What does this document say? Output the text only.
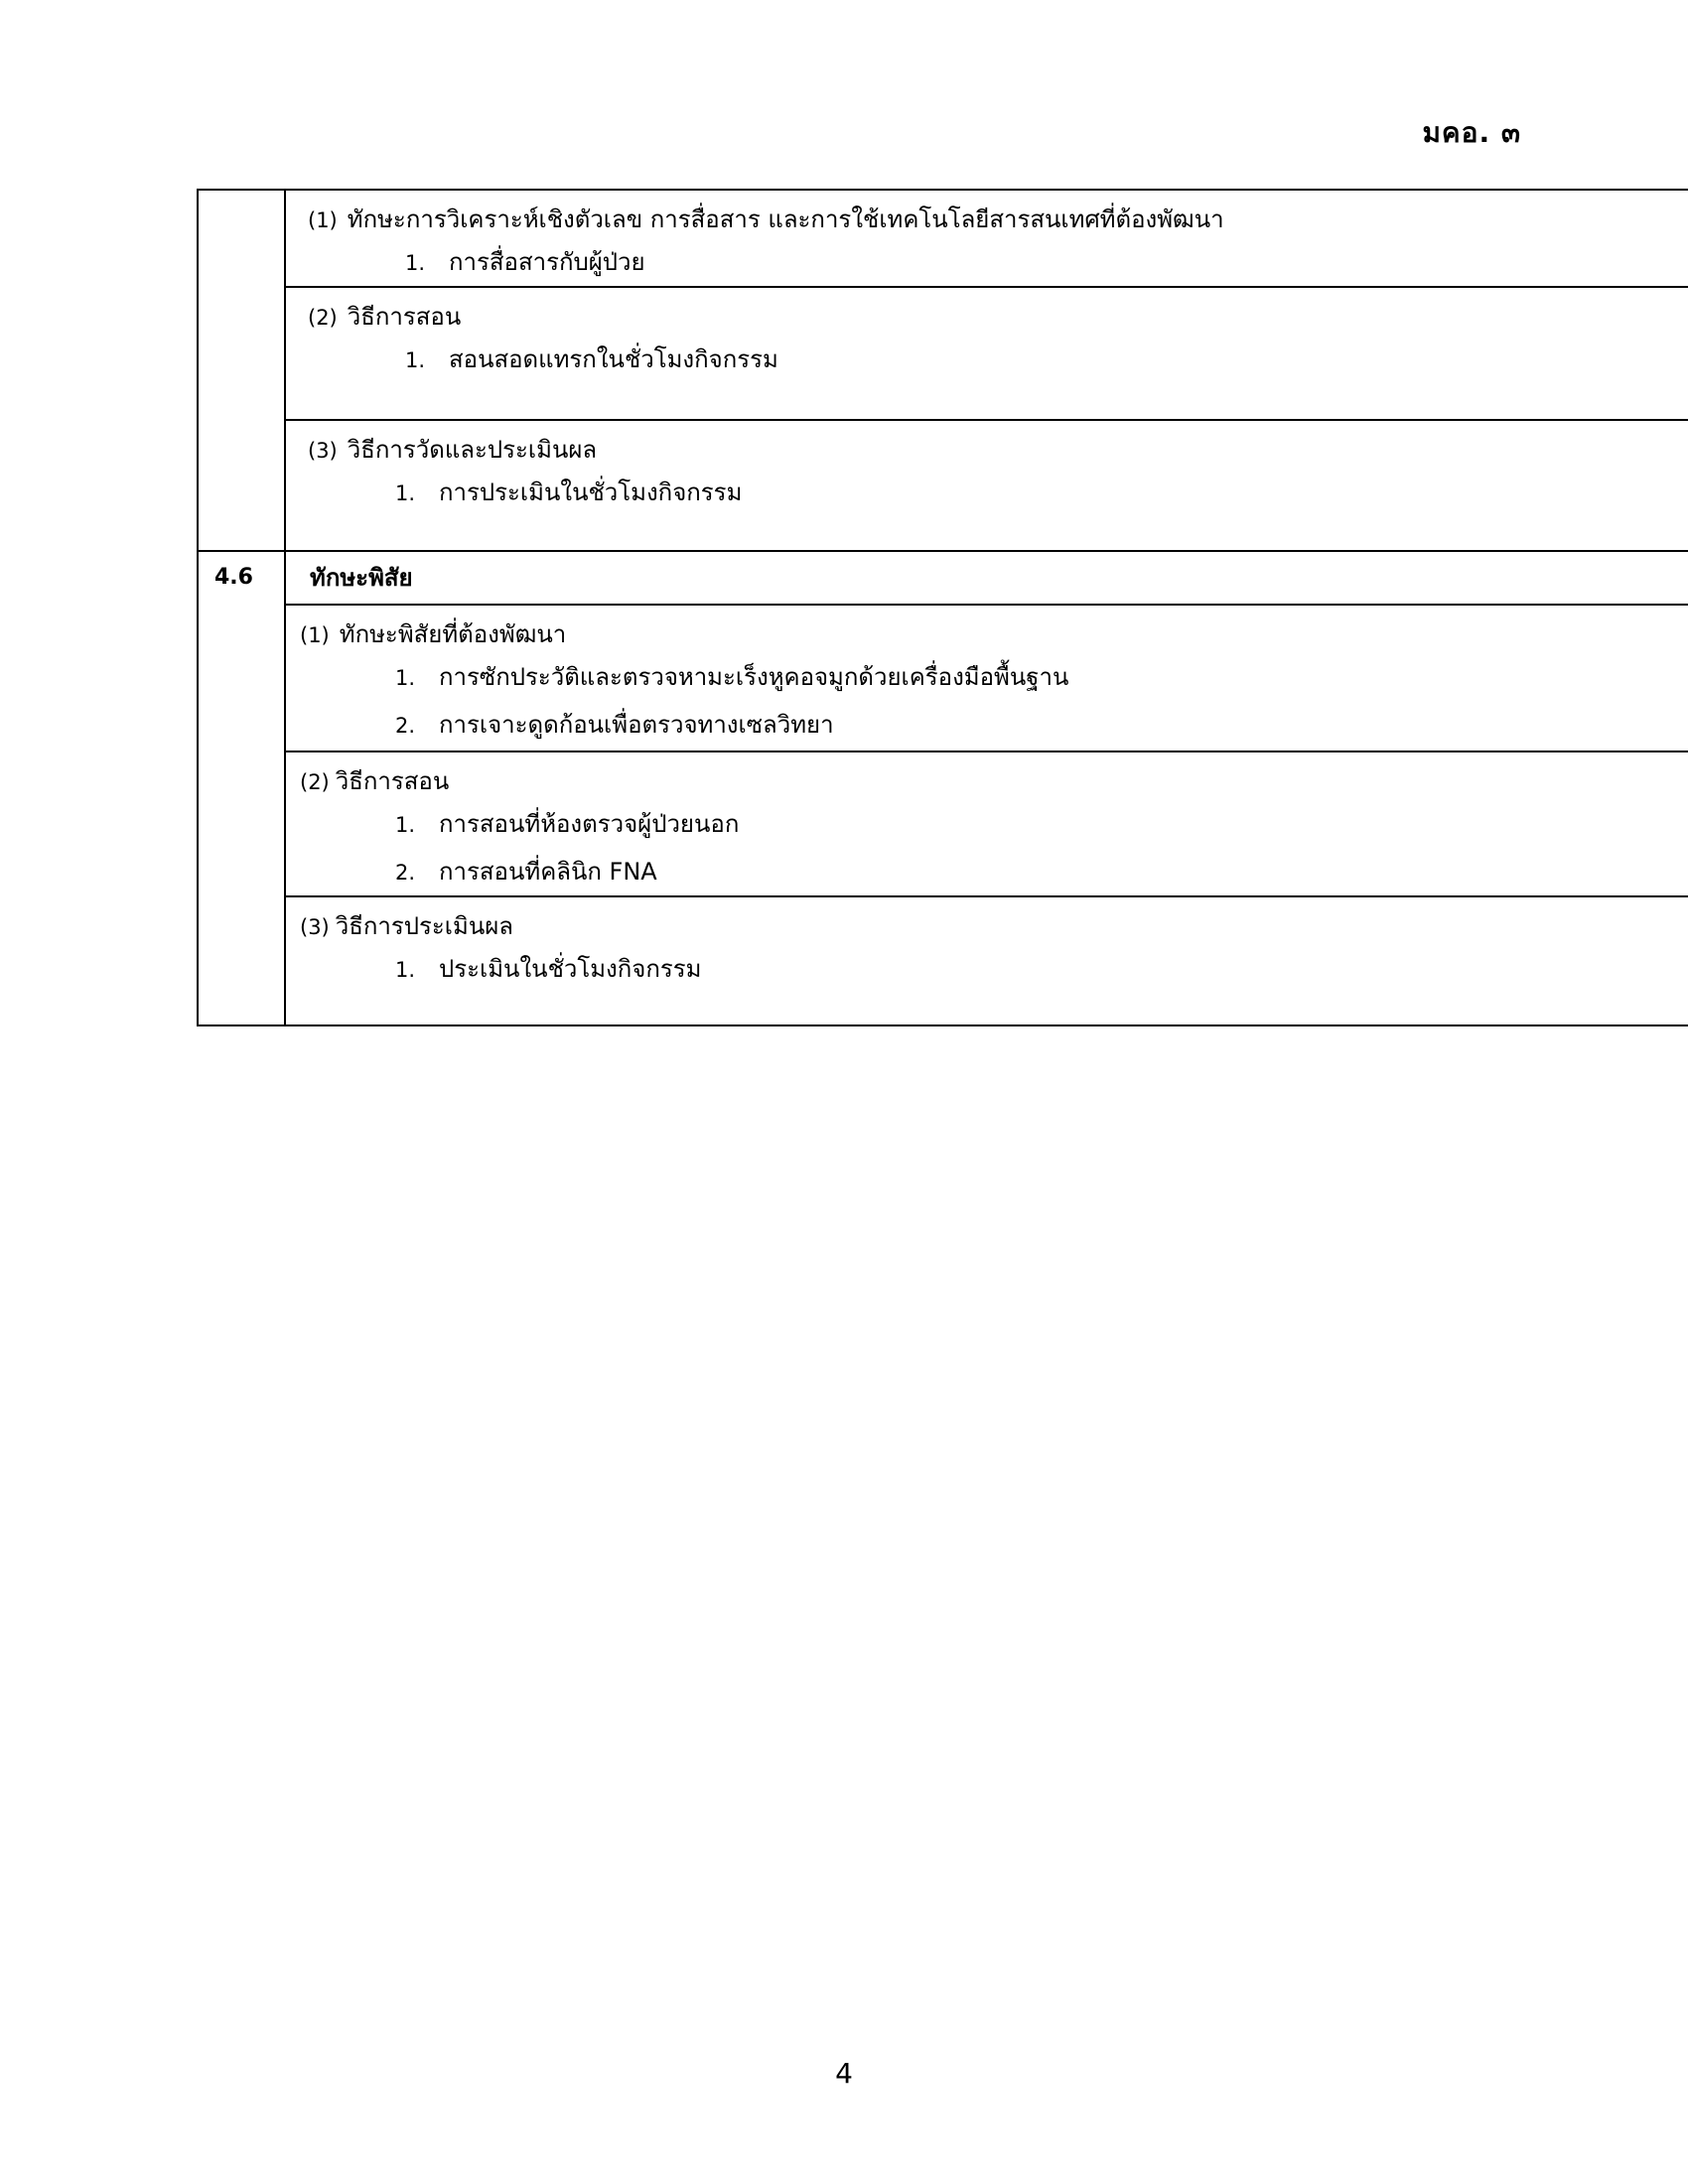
มคอ. ๓
(1) ทักษะการวิเคราะห์เชิงตัวเลข การสื่อสาร และการใช้เทคโนโลยีสารสนเทศที่ต้องพัฒนา
1. การสื่อสารกับผู้ป่วย
(2) วิธีการสอน
1. สอนสอดแทรกในชั่วโมงกิจกรรม
(3) วิธีการวัดและประเมินผล
1. การประเมินในชั่วโมงกิจกรรม
4.6	ทักษะพิสัย
(1) ทักษะพิสัยที่ต้องพัฒนา
1. การซักประวัติและตรวจหามะเร็งหูคอจมูกด้วยเครื่องมือพื้นฐาน
2. การเจาะดูดก้อนเพื่อตรวจทางเซลวิทยา
(2) วิธีการสอน
1. การสอนที่ห้องตรวจผู้ป่วยนอก
2. การสอนที่คลินิก FNA
(3) วิธีการประเมินผล
1. ประเมินในชั่วโมงกิจกรรม
4
